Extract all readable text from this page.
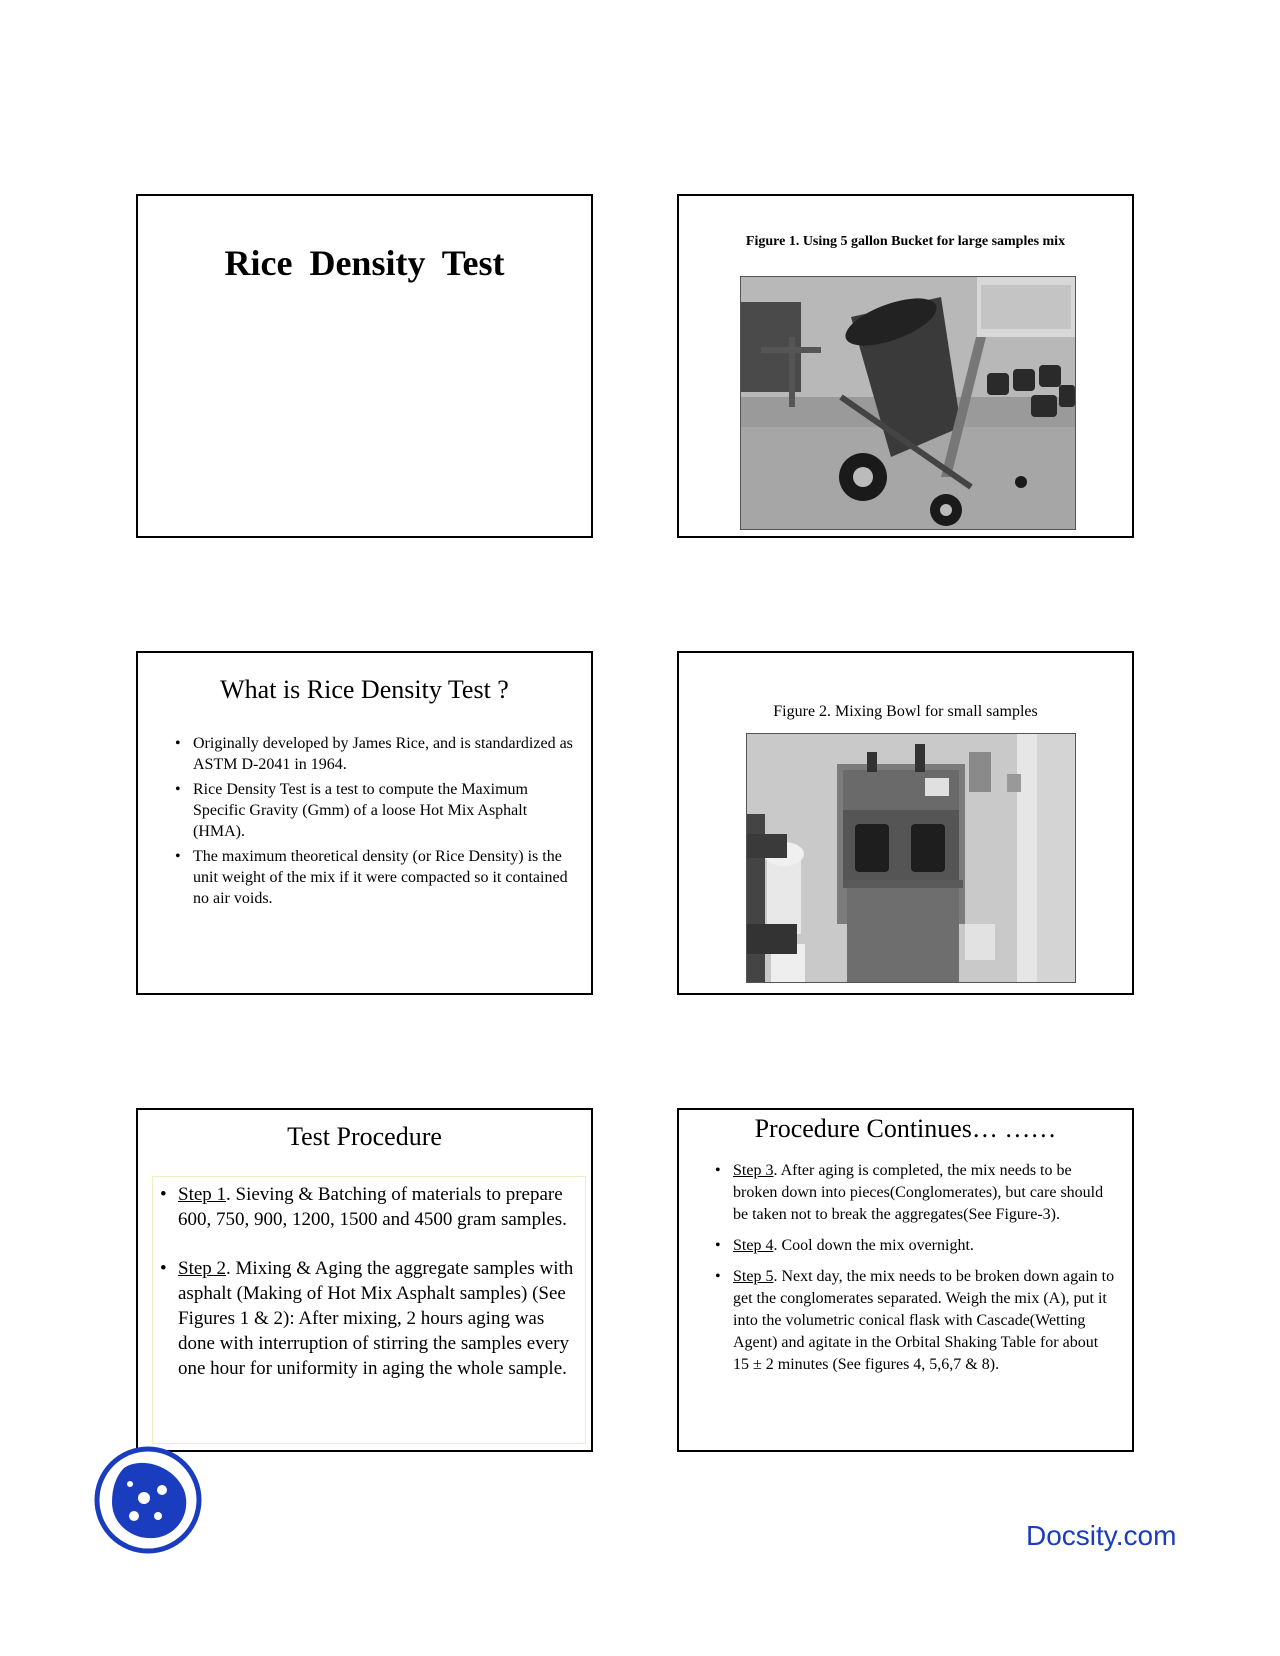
Rice Density Test
Figure 1. Using 5 gallon Bucket for large samples mix
What is Rice Density Test ?
• Originally developed by James Rice, and is standardized as ASTM D-2041 in 1964.
• Rice Density Test is a test to compute the Maximum Specific Gravity (Gmm) of a loose Hot Mix Asphalt (HMA).
• The maximum theoretical density (or Rice Density) is the unit weight of the mix if it were compacted so it contained no air voids.
Figure 2. Mixing Bowl for small samples
Test Procedure
• Step 1. Sieving & Batching of materials to prepare 600, 750, 900, 1200, 1500 and 4500 gram samples.
• Step 2. Mixing & Aging the aggregate samples with asphalt (Making of Hot Mix Asphalt samples) (See Figures 1 & 2): After mixing, 2 hours aging was done with interruption of stirring the samples every one hour for uniformity in aging the whole sample.
Procedure Continues… ……
• Step 3. After aging is completed, the mix needs to be broken down into pieces(Conglomerates), but care should be taken not to break the aggregates(See Figure-3).
• Step 4. Cool down the mix overnight.
• Step 5. Next day, the mix needs to be broken down again to get the conglomerates separated. Weigh the mix (A), put it into the volumetric conical flask with Cascade(Wetting Agent) and agitate in the Orbital Shaking Table for about 15 ± 2 minutes (See figures 4, 5,6,7 & 8).
Docsity.com
